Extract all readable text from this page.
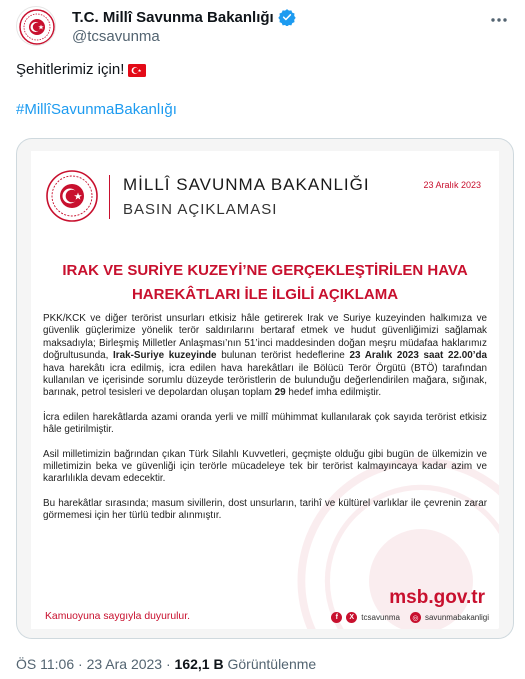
T.C. Millî Savunma Bakanlığı
@tcsavunma
Şehitlerimiz için!
#MillîSavunmaBakanlığı
MİLLÎ SAVUNMA BAKANLIĞI
BASIN AÇIKLAMASI
23 Aralık 2023
IRAK VE SURİYE KUZEYİ’NE GERÇEKLEŞTİRİLEN HAVA
HAREKÂTLARI İLE İLGİLİ AÇIKLAMA

PKK/KCK ve diğer terörist unsurları etkisiz hâle getirerek Irak ve Suriye kuzeyinden halkımıza ve güvenlik güçlerimize yönelik terör saldırılarını bertaraf etmek ve hudut güvenliğimizi sağlamak maksadıyla; Birleşmiş Milletler Anlaşması’nın 51’inci maddesinden doğan meşru müdafaa haklarımız doğrultusunda, Irak-Suriye kuzeyinde bulunan terörist hedeflerine 23 Aralık 2023 saat 22.00’da hava harekâtı icra edilmiş, icra edilen hava harekâtları ile Bölücü Terör Örgütü (BTÖ) tarafından kullanılan ve içerisinde sorumlu düzeyde teröristlerin de bulunduğu değerlendirilen mağara, sığınak, barınak, petrol tesisleri ve depolardan oluşan toplam 29 hedef imha edilmiştir.

İcra edilen harekâtlarda azami oranda yerli ve millî mühimmat kullanılarak çok sayıda terörist etkisiz hâle getirilmiştir.

Asil milletimizin bağrından çıkan Türk Silahlı Kuvvetleri, geçmişte olduğu gibi bugün de ülkemizin ve milletimizin beka ve güvenliği için terörle mücadeleye tek bir terörist kalmayıncaya kadar azim ve kararlılıkla devam edecektir.

Bu harekâtlar sırasında; masum sivillerin, dost unsurların, tarihî ve kültürel varlıklar ile çevrenin zarar görmemesi için her türlü tedbir alınmıştır.

msb.gov.tr
Kamuoyuna saygıyla duyurulur.	f	X tcsavunma	◎ savunmabakanligi
ÖS 11:06 · 23 Ara 2023 · 162,1 B Görüntülenme
